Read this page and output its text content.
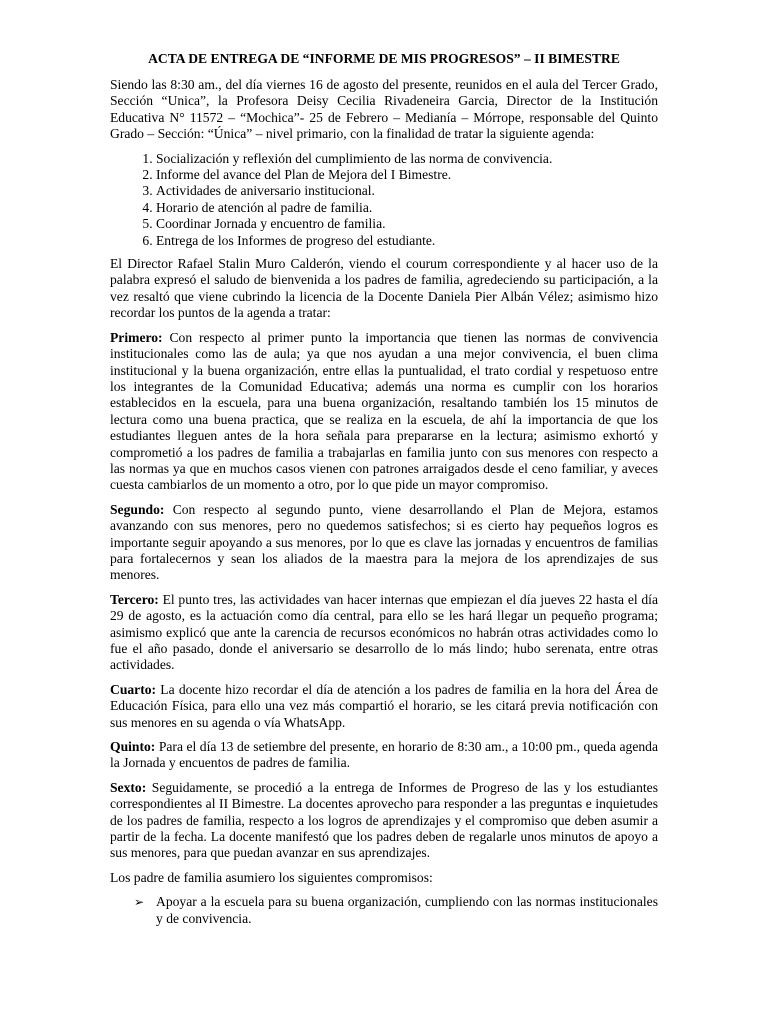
ACTA DE ENTREGA DE “INFORME DE MIS PROGRESOS” – II BIMESTRE

Siendo las 8:30 am., del día viernes 16 de agosto del presente, reunidos en el aula del Tercer Grado, Sección “Unica”, la Profesora Deisy Cecilia Rivadeneira Garcia, Director de la Institución Educativa N° 11572 – “Mochica”- 25 de Febrero – Medianía – Mórrope, responsable del Quinto Grado – Sección: “Única” – nivel primario, con la finalidad de tratar la siguiente agenda:

1. Socialización y reflexión del cumplimiento de las norma de convivencia.
2. Informe del avance del Plan de Mejora del I Bimestre.
3. Actividades de aniversario institucional.
4. Horario de atención al padre de familia.
5. Coordinar Jornada y encuentro de familia.
6. Entrega de los Informes de progreso del estudiante.

El Director Rafael Stalin Muro Calderón, viendo el courum correspondiente y al hacer uso de la palabra expresó el saludo de bienvenida a los padres de familia, agredeciendo su participación, a la vez resaltó que viene cubrindo la licencia de la Docente Daniela Pier Albán Vélez; asimismo hizo recordar los puntos de la agenda a tratar:

Primero: Con respecto al primer punto la importancia que tienen las normas de convivencia institucionales como las de aula; ya que nos ayudan a una mejor convivencia, el buen clima institucional y la buena organización, entre ellas la puntualidad, el trato cordial y respetuoso entre los integrantes de la Comunidad Educativa; además una norma es cumplir con los horarios establecidos en la escuela, para una buena organización, resaltando también los 15 minutos de lectura como una buena practica, que se realiza en la escuela, de ahí la importancia de que los estudiantes lleguen antes de la hora señala para prepararse en la lectura; asimismo exhortó y comprometió a los padres de familia a trabajarlas en familia junto con sus menores con respecto a las normas ya que en muchos casos vienen con patrones arraigados desde el ceno familiar, y aveces cuesta cambiarlos de un momento a otro, por lo que pide un mayor compromiso.

Segundo: Con respecto al segundo punto, viene desarrollando el Plan de Mejora, estamos avanzando con sus menores, pero no quedemos satisfechos; si es cierto hay pequeños logros es importante seguir apoyando a sus menores, por lo que es clave las jornadas y encuentros de familias para fortalecernos y sean los aliados de la maestra para la mejora de los aprendizajes de sus menores.

Tercero: El punto tres, las actividades van hacer internas que empiezan el día jueves 22 hasta el día 29 de agosto, es la actuación como día central, para ello se les hará llegar un pequeño programa; asimismo explicó que ante la carencia de recursos económicos no habrán otras actividades como lo fue el año pasado, donde el aniversario se desarrollo de lo más lindo; hubo serenata, entre otras actividades.

Cuarto: La docente hizo recordar el día de atención a los padres de familia en la hora del Área de Educación Física, para ello una vez más compartió el horario, se les citará previa notificación con sus menores en su agenda o vía WhatsApp.

Quinto: Para el día 13 de setiembre del presente, en horario de 8:30 am., a 10:00 pm., queda agenda la Jornada y encuentos de padres de familia.

Sexto: Seguidamente, se procedió a la entrega de Informes de Progreso de las y los estudiantes correspondientes al II Bimestre. La docentes aprovecho para responder a las preguntas e inquietudes de los padres de familia, respecto a los logros de aprendizajes y el compromiso que deben asumir a partir de la fecha. La docente manifestó que los padres deben de regalarle unos minutos de apoyo a sus menores, para que puedan avanzar en sus aprendizajes.

Los padre de familia asumiero los siguientes compromisos:

➢ Apoyar a la escuela para su buena organización, cumpliendo con las normas institucionales y de convivencia.
